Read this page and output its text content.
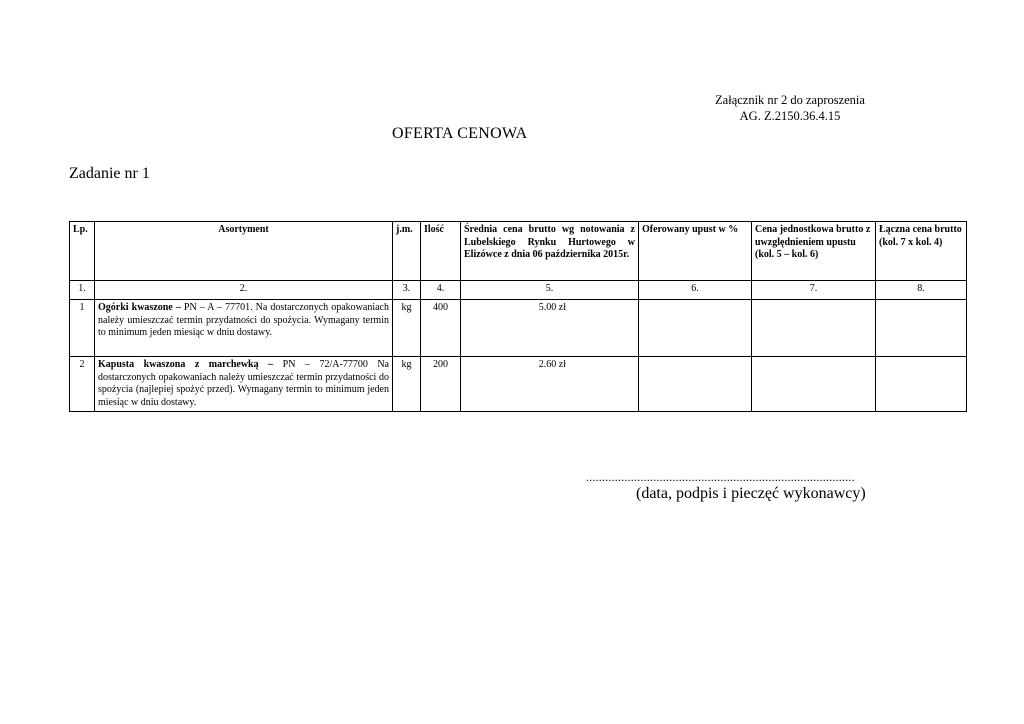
Załącznik nr 2 do zaproszenia
AG. Z.2150.36.4.15
OFERTA CENOWA
Zadanie nr 1
Lp.	Asortyment	j.m.	Ilość	Średnia cena brutto wg notowania z Lubelskiego Rynku Hurtowego w Elizówce z dnia 06 października 2015r.	Oferowany upust w %	Cena jednostkowa brutto z uwzględnieniem upustu (kol. 5 – kol. 6)	Łączna cena brutto (kol. 7 x kol. 4)
1.	2.	3.	4.	5.	6.	7.	8.
1	Ogórki kwaszone – PN – A – 77701. Na dostarczonych opakowaniach należy umieszczać termin przydatności do spożycia. Wymagany termin to minimum jeden miesiąc w dniu dostawy.	kg	400	5.00 zł			
2	Kapusta kwaszona z marchewką – PN – 72/A-77700 Na dostarczonych opakowaniach należy umieszczać termin przydatności do spożycia (najlepiej spożyć przed). Wymagany termin to minimum jeden miesiąc w dniu dostawy.	kg	200	2.60 zł			
....................................................................................
(data, podpis i pieczęć wykonawcy)
